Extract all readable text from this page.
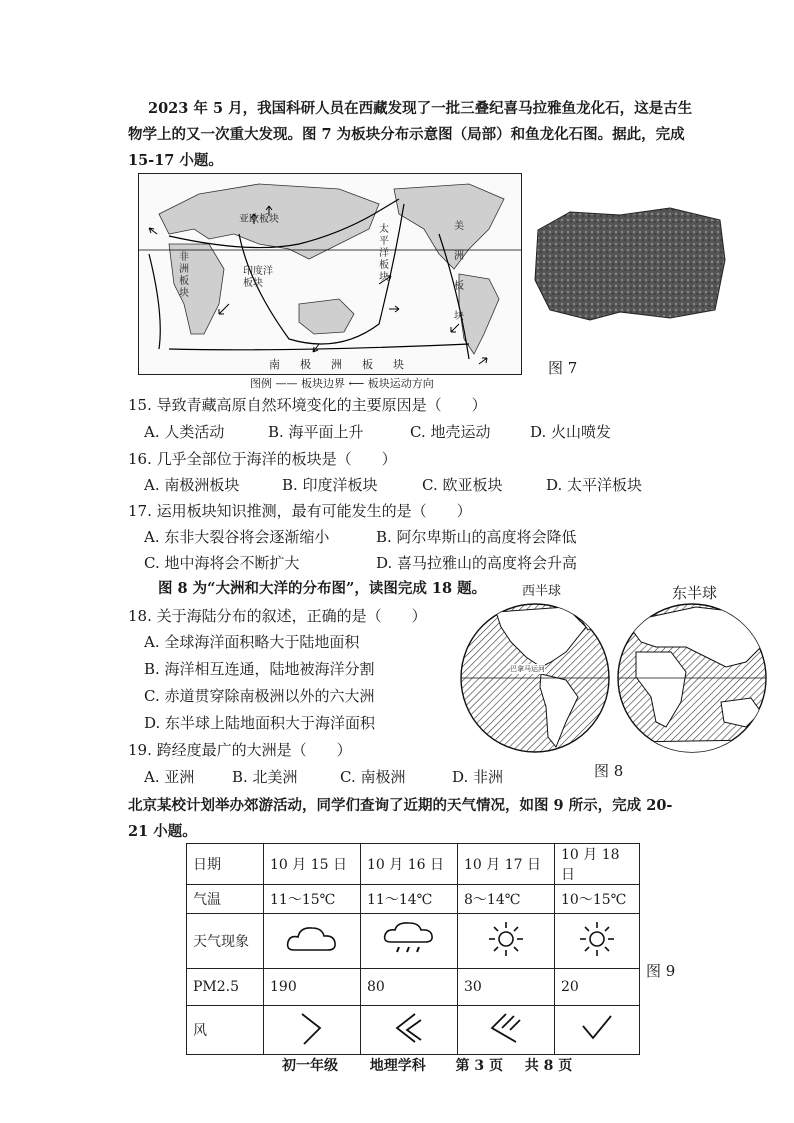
2023 年 5 月，我国科研人员在西藏发现了一批三叠纪喜马拉雅鱼龙化石，这是古生
物学上的又一次重大发现。图 7 为板块分布示意图（局部）和鱼龙化石图。据此，完成
15-17 小题。
亚欧板块
非洲板块
印度洋板块
太平洋板块
美洲板块
南极洲板块
图例 —— 板块边界 ⟵ 板块运动方向
图 7
15. 导致青藏高原自然环境变化的主要原因是（　　）
A. 人类活动	B. 海平面上升	C. 地壳运动	D. 火山喷发
16. 几乎全部位于海洋的板块是（　　）
A. 南极洲板块	B. 印度洋板块	C. 欧亚板块	D. 太平洋板块
17. 运用板块知识推测，最有可能发生的是（　　）
A. 东非大裂谷将会逐渐缩小	B. 阿尔卑斯山的高度将会降低
C. 地中海将会不断扩大	D. 喜马拉雅山的高度将会升高
图 8 为“大洲和大洋的分布图”，读图完成 18 题。	西半球	东半球
巴拿马运河
图 8
18. 关于海陆分布的叙述，正确的是（　　）
A. 全球海洋面积略大于陆地面积
B. 海洋相互连通，陆地被海洋分割
C. 赤道贯穿除南极洲以外的六大洲
D. 东半球上陆地面积大于海洋面积
19. 跨经度最广的大洲是（　　）
A. 亚洲	B. 北美洲	C. 南极洲	D. 非洲
北京某校计划举办郊游活动，同学们查询了近期的天气情况，如图 9 所示，完成 20-
21 小题。
日期	10 月 15 日	10 月 16 日	10 月 17 日	10 月 18 日
气温	11～15℃	11～14℃	8～14℃	10～15℃
天气现象				
PM2.5	190	80	30	20
风				
图 9
初一年级 地理学科 第 3 页 共 8 页
